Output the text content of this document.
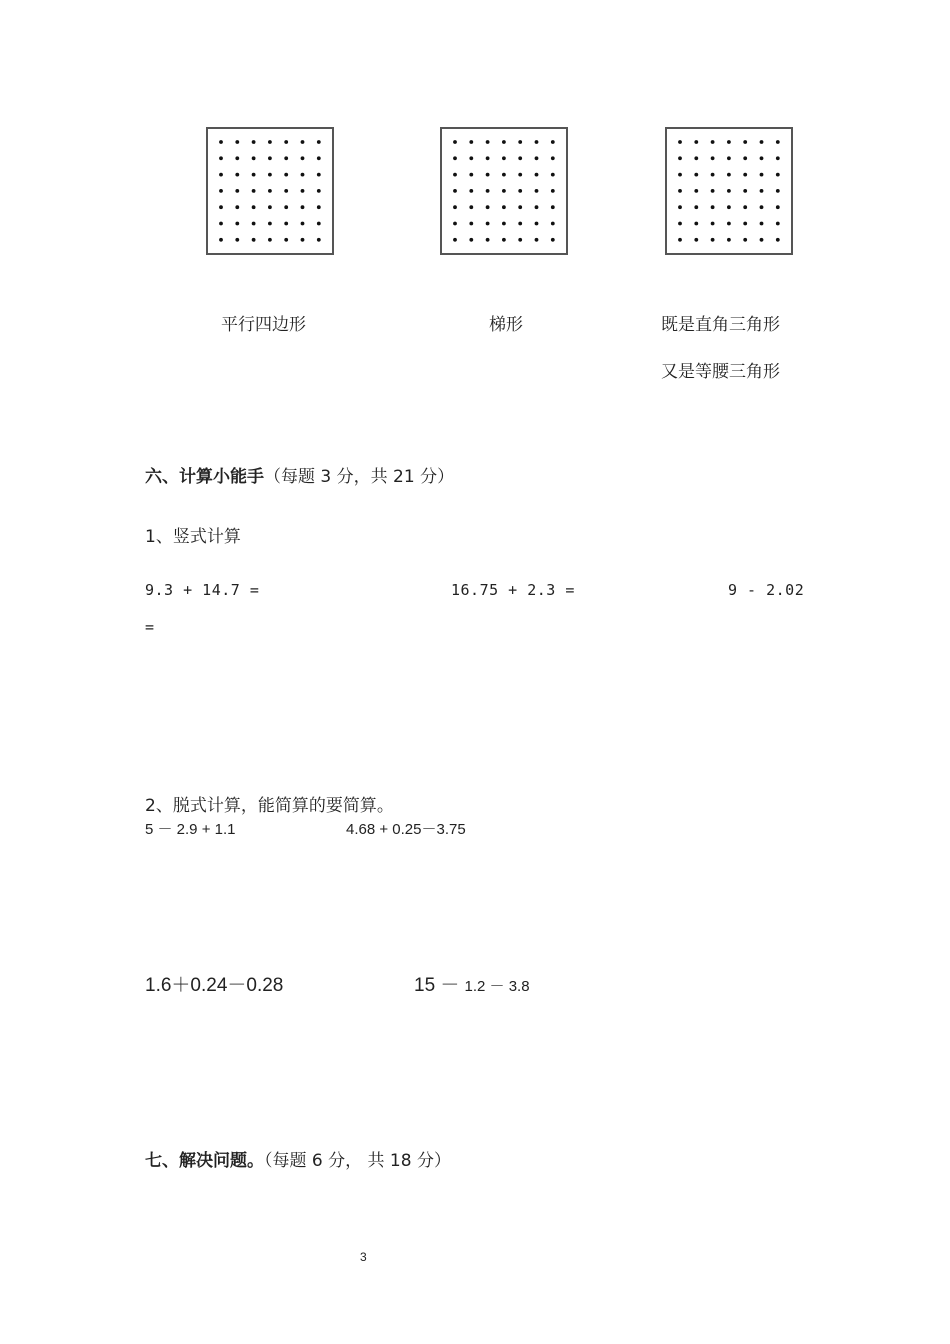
平行四边形	梯形	既是直角三角形
又是等腰三角形
六、计算小能手（每题 3 分，共 21 分）
1、竖式计算
9.3 + 14.7 =	16.75 + 2.3 =	9 - 2.02
=
2、脱式计算，能简算的要简算。
5 － 2.9 + 1.1	4.68 + 0.25－3.75
1.6＋0.24－0.28	15 － 1.2 － 3.8
七、解决问题。（每题 6 分， 共 18 分）
3
